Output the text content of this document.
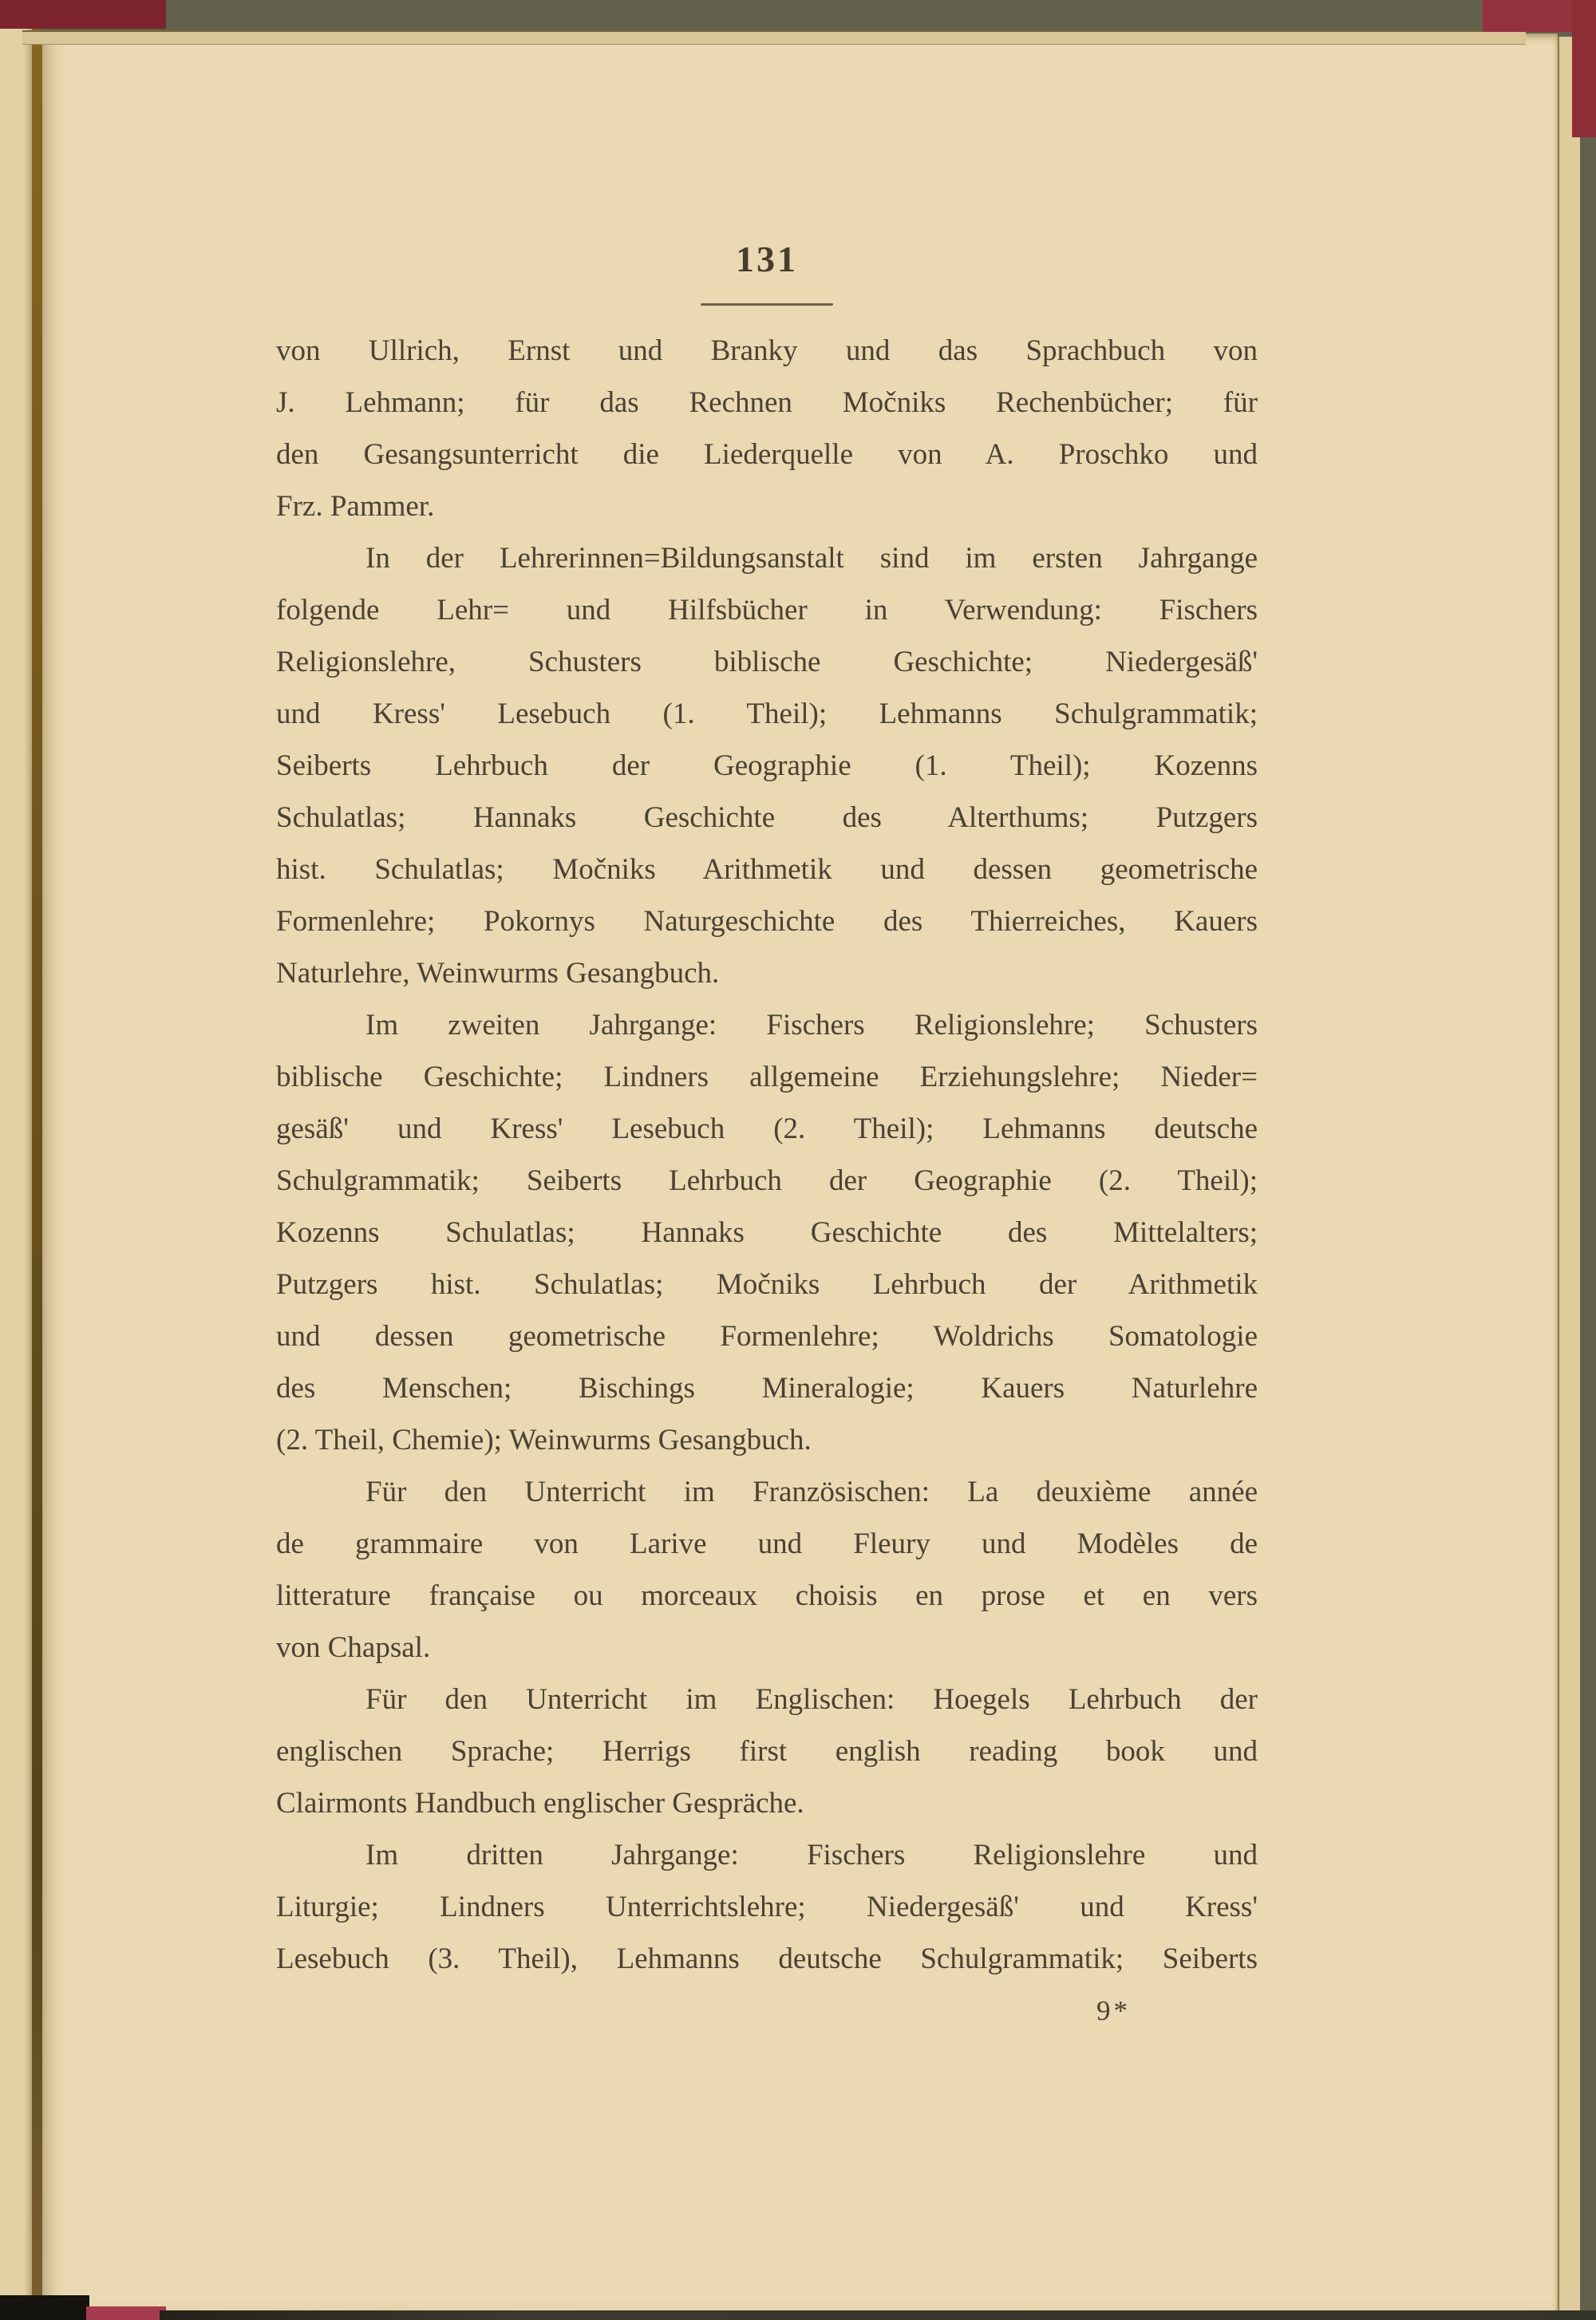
131
von Ullrich, Ernst und Branky und das Sprachbuch von
J. Lehmann; für das Rechnen Močniks Rechenbücher; für
den Gesangsunterricht die Liederquelle von A. Proschko und
Frz. Pammer.
In der Lehrerinnen=Bildungsanstalt sind im ersten Jahrgange
folgende Lehr= und Hilfsbücher in Verwendung: Fischers
Religionslehre, Schusters biblische Geschichte; Niedergesäß'
und Kress' Lesebuch (1. Theil); Lehmanns Schulgrammatik;
Seiberts Lehrbuch der Geographie (1. Theil); Kozenns
Schulatlas; Hannaks Geschichte des Alterthums; Putzgers
hist. Schulatlas; Močniks Arithmetik und dessen geometrische
Formenlehre; Pokornys Naturgeschichte des Thierreiches, Kauers
Naturlehre, Weinwurms Gesangbuch.
Im zweiten Jahrgange: Fischers Religionslehre; Schusters
biblische Geschichte; Lindners allgemeine Erziehungslehre; Nieder=
gesäß' und Kress' Lesebuch (2. Theil); Lehmanns deutsche
Schulgrammatik; Seiberts Lehrbuch der Geographie (2. Theil);
Kozenns Schulatlas; Hannaks Geschichte des Mittelalters;
Putzgers hist. Schulatlas; Močniks Lehrbuch der Arithmetik
und dessen geometrische Formenlehre; Woldrichs Somatologie
des Menschen; Bischings Mineralogie; Kauers Naturlehre
(2. Theil, Chemie); Weinwurms Gesangbuch.
Für den Unterricht im Französischen: La deuxième année
de grammaire von Larive und Fleury und Modèles de
litterature française ou morceaux choisis en prose et en vers
von Chapsal.
Für den Unterricht im Englischen: Hoegels Lehrbuch der
englischen Sprache; Herrigs first english reading book und
Clairmonts Handbuch englischer Gespräche.
Im dritten Jahrgange: Fischers Religionslehre und
Liturgie; Lindners Unterrichtslehre; Niedergesäß' und Kress'
Lesebuch (3. Theil), Lehmanns deutsche Schulgrammatik; Seiberts
9*
